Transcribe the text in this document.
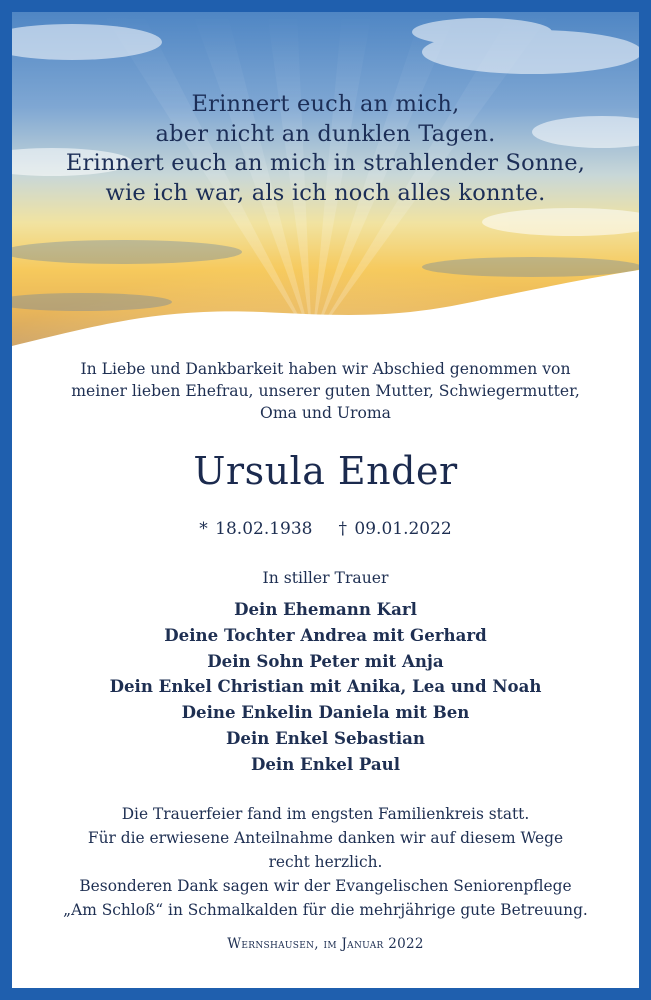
Erinnert euch an mich,
aber nicht an dunklen Tagen.
Erinnert euch an mich in strahlender Sonne,
wie ich war, als ich noch alles konnte.
In Liebe und Dankbarkeit haben wir Abschied genommen von
meiner lieben Ehefrau, unserer guten Mutter, Schwiegermutter,
Oma und Uroma
Ursula Ender
* 18.02.1938 † 09.01.2022
In stiller Trauer
Dein Ehemann Karl
Deine Tochter Andrea mit Gerhard
Dein Sohn Peter mit Anja
Dein Enkel Christian mit Anika, Lea und Noah
Deine Enkelin Daniela mit Ben
Dein Enkel Sebastian
Dein Enkel Paul
Die Trauerfeier fand im engsten Familienkreis statt.
Für die erwiesene Anteilnahme danken wir auf diesem Wege
recht herzlich.
Besonderen Dank sagen wir der Evangelischen Seniorenpflege
„Am Schloß“ in Schmalkalden für die mehrjährige gute Betreuung.
Wernshausen, im Januar 2022
